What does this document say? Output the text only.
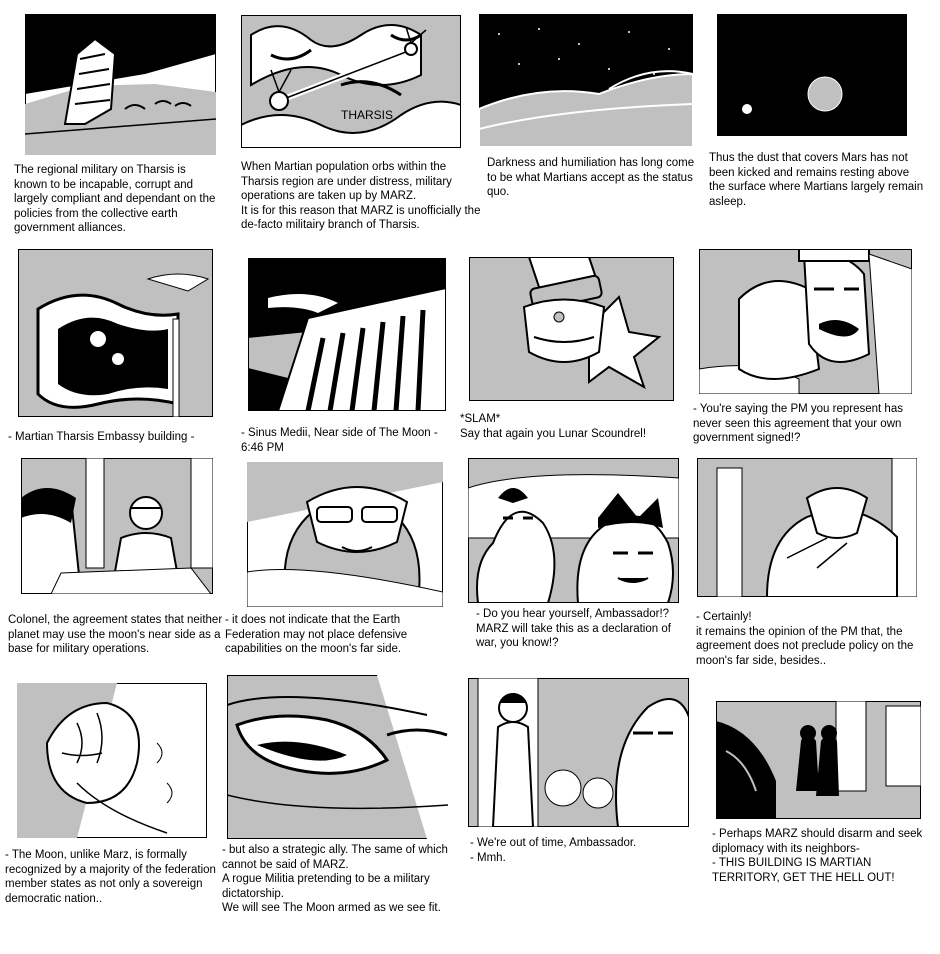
The regional military on Tharsis is known to be incapable, corrupt and largely compliant and dependant on the policies from the collective earth government alliances.
THARSIS
When Martian population orbs within the Tharsis region are under distress, military operations are taken up by MARZ.
It is for this reason that MARZ is unofficially the de-facto militairy branch of Tharsis.
Darkness and humiliation has long come to be what Martians accept as the status quo.
Thus the dust that covers Mars has not been kicked and remains resting above the surface where Martians largely remain asleep.
- Martian Tharsis Embassy building -	- Sinus Medii, Near side of The Moon - 6:46 PM
*SLAM*
Say that again you Lunar Scoundrel!
- You're saying the PM you represent has never seen this agreement that your own government signed!?
Colonel, the agreement states that neither planet may use the moon's near side as a base for military operations.
- it does not indicate that the Earth Federation may not place defensive capabilities on the moon's far side.
- Do you hear yourself, Ambassador!?
MARZ will take this as a declaration of war, you know!?
- Certainly!
it remains the opinion of the PM that, the agreement does not preclude policy on the moon's far side, besides..
- The Moon, unlike Marz, is formally recognized by a majority of the federation member states as not only a sovereign democratic nation..
- but also a strategic ally. The same of which cannot be said of MARZ.
A rogue Militia pretending to be a military dictatorship.
We will see The Moon armed as we see fit.
- We're out of time, Ambassador.
- Mmh.
- Perhaps MARZ should disarm and seek diplomacy with its neighbors-
- THIS BUILDING IS MARTIAN TERRITORY, GET THE HELL OUT!
